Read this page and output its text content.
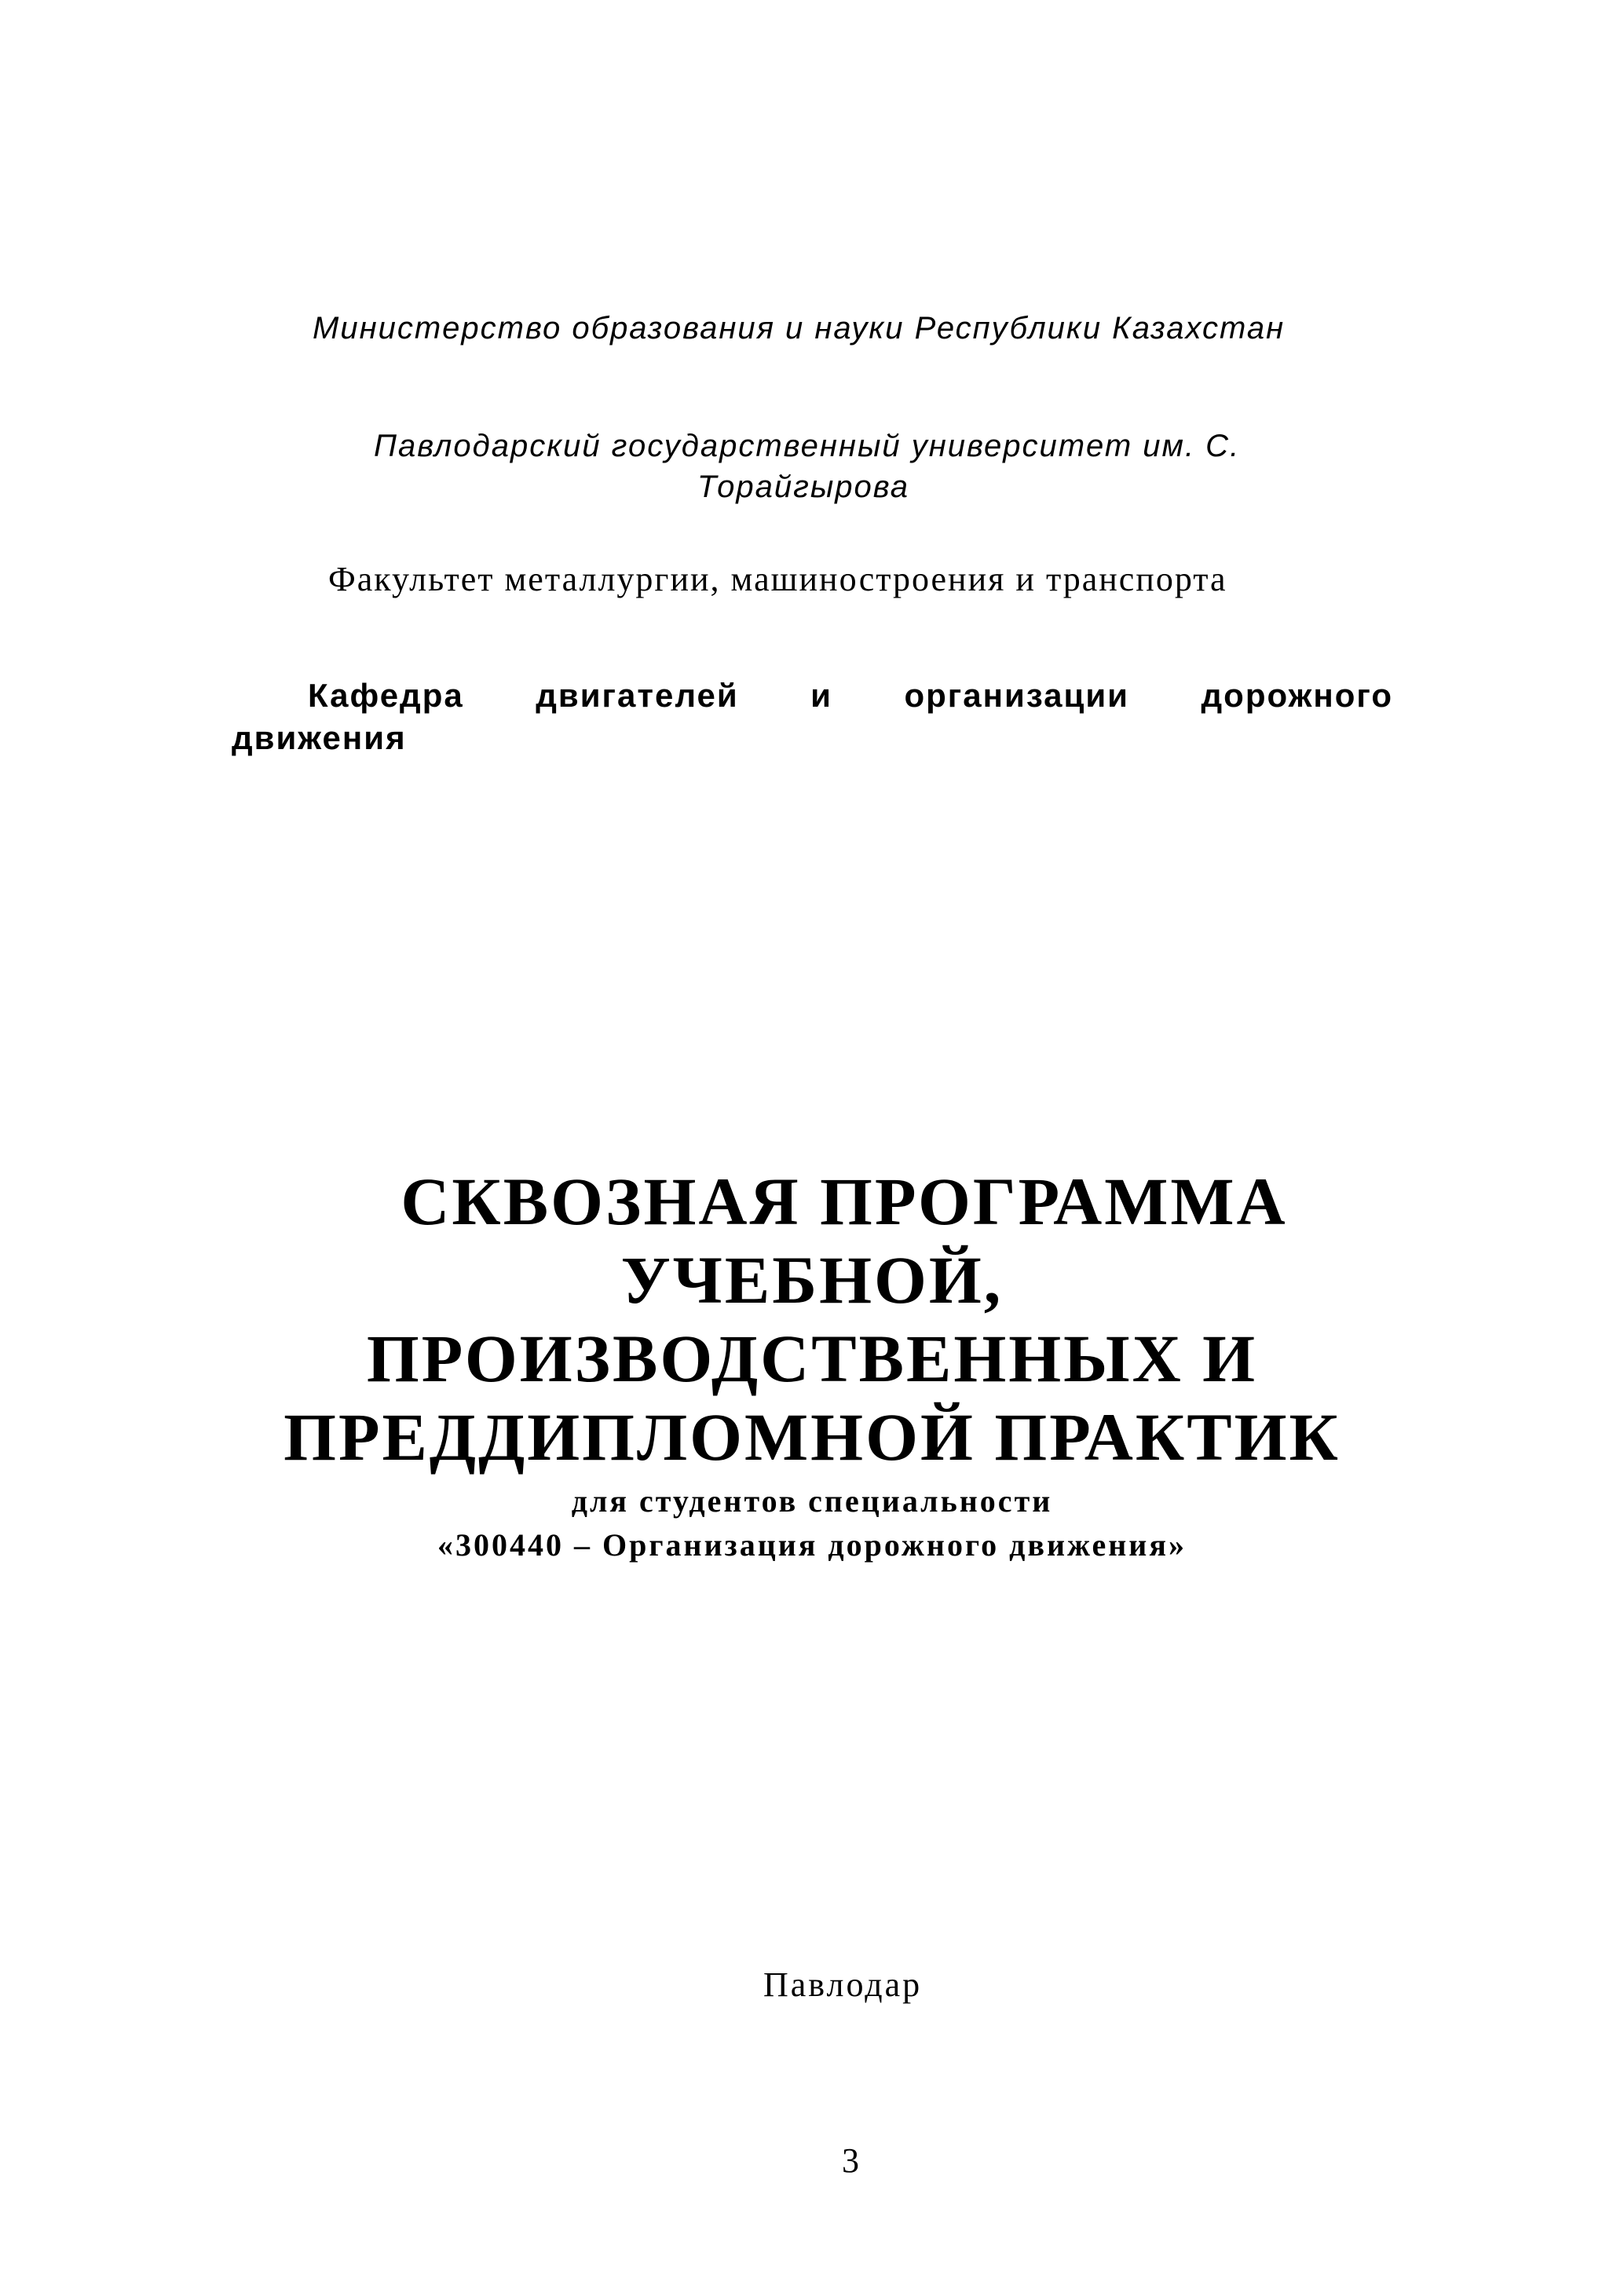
Министерство образования и науки Республики Казахстан

Павлодарский государственный университет им. С.

Торайгырова

Факультет металлургии, машиностроения и транспорта

Кафедра двигателей и организации дорожного

движения

СКВОЗНАЯ ПРОГРАММА

УЧЕБНОЙ,

ПРОИЗВОДСТВЕННЫХ И

ПРЕДДИПЛОМНОЙ ПРАКТИК

для студентов специальности

«300440 – Организация дорожного движения»

Павлодар

3
